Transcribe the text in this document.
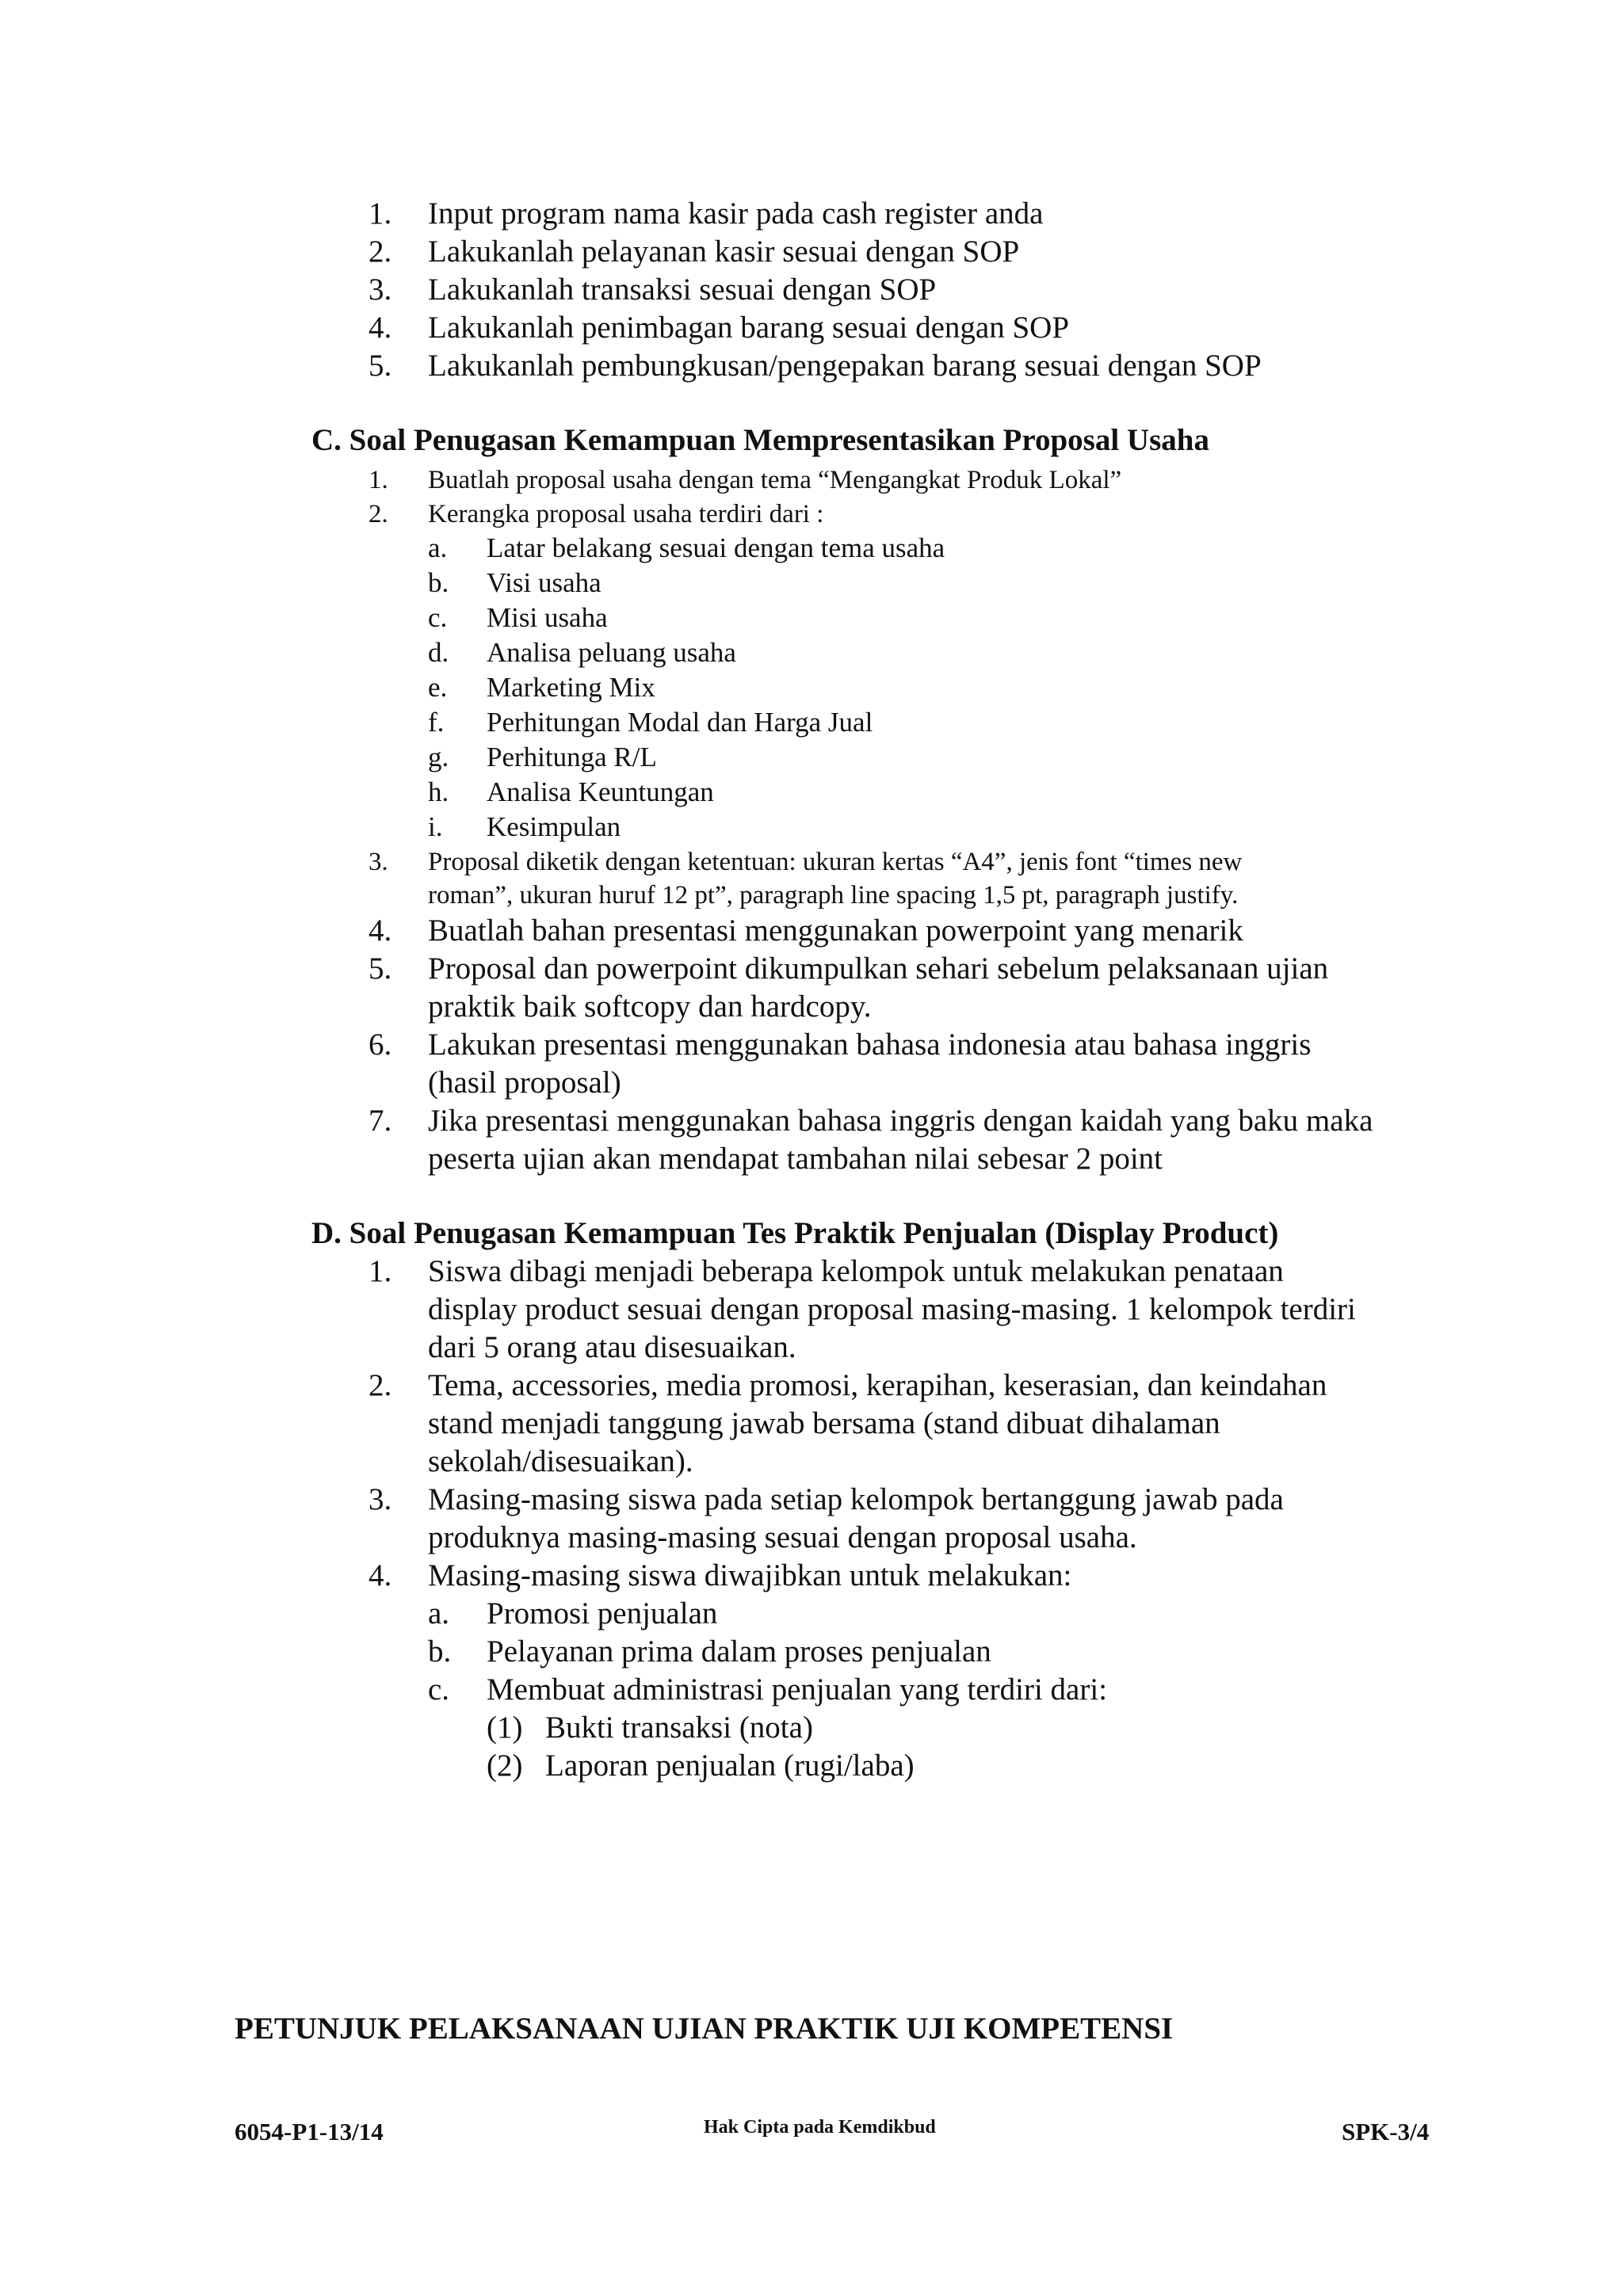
1. Input program nama kasir pada cash register anda
2. Lakukanlah pelayanan kasir sesuai dengan SOP
3. Lakukanlah transaksi sesuai dengan SOP
4. Lakukanlah penimbagan barang sesuai dengan SOP
5. Lakukanlah pembungkusan/pengepakan barang sesuai dengan SOP
C. Soal Penugasan Kemampuan Mempresentasikan Proposal Usaha
1. Buatlah proposal usaha dengan tema “Mengangkat Produk Lokal”
2. Kerangka proposal usaha terdiri dari :
a. Latar belakang sesuai dengan tema usaha
b. Visi usaha
c. Misi usaha
d. Analisa peluang usaha
e. Marketing Mix
f. Perhitungan Modal dan Harga Jual
g. Perhitunga R/L
h. Analisa Keuntungan
i. Kesimpulan
3. Proposal diketik dengan ketentuan: ukuran kertas “A4”, jenis font “times new
roman”, ukuran huruf 12 pt”, paragraph line spacing 1,5 pt, paragraph justify.
4. Buatlah bahan presentasi menggunakan powerpoint yang menarik
5. Proposal dan powerpoint dikumpulkan sehari sebelum pelaksanaan ujian
praktik baik softcopy dan hardcopy.
6. Lakukan presentasi menggunakan bahasa indonesia atau bahasa inggris
(hasil proposal)
7. Jika presentasi menggunakan bahasa inggris dengan kaidah yang baku maka
peserta ujian akan mendapat tambahan nilai sebesar 2 point
D. Soal Penugasan Kemampuan Tes Praktik Penjualan (Display Product)
1. Siswa dibagi menjadi beberapa kelompok untuk melakukan penataan
display product sesuai dengan proposal masing-masing. 1 kelompok terdiri
dari 5 orang atau disesuaikan.
2. Tema, accessories, media promosi, kerapihan, keserasian, dan keindahan
stand menjadi tanggung jawab bersama (stand dibuat dihalaman
sekolah/disesuaikan).
3. Masing-masing siswa pada setiap kelompok bertanggung jawab pada
produknya masing-masing sesuai dengan proposal usaha.
4. Masing-masing siswa diwajibkan untuk melakukan:
a. Promosi penjualan
b. Pelayanan prima dalam proses penjualan
c. Membuat administrasi penjualan yang terdiri dari:
(1) Bukti transaksi (nota)
(2) Laporan penjualan (rugi/laba)
PETUNJUK PELAKSANAAN UJIAN PRAKTIK UJI KOMPETENSI
6054-P1-13/14	Hak Cipta pada Kemdikbud	SPK-3/4
